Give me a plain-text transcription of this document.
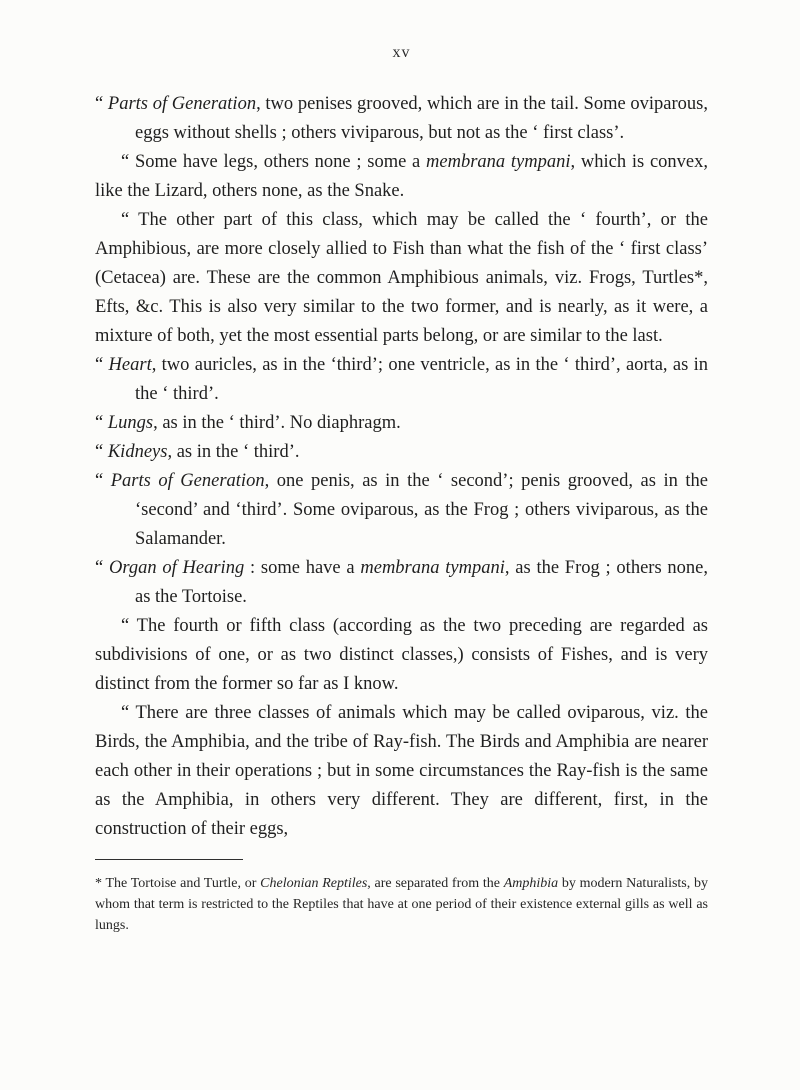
xv

“ Parts of Generation, two penises grooved, which are in the tail. Some oviparous, eggs without shells ; others viviparous, but not as the ‘ first class’.

“ Some have legs, others none ; some a membrana tympani, which is convex, like the Lizard, others none, as the Snake.

“ The other part of this class, which may be called the ‘ fourth’, or the Amphibious, are more closely allied to Fish than what the fish of the ‘ first class’ (Cetacea) are. These are the common Amphibious animals, viz. Frogs, Turtles*, Efts, &c. This is also very similar to the two former, and is nearly, as it were, a mixture of both, yet the most essential parts belong, or are similar to the last.

“ Heart, two auricles, as in the ‘third’; one ventricle, as in the ‘ third’, aorta, as in the ‘ third’.

“ Lungs, as in the ‘ third’. No diaphragm.

“ Kidneys, as in the ‘ third’.

“ Parts of Generation, one penis, as in the ‘ second’; penis grooved, as in the ‘second’ and ‘third’. Some oviparous, as the Frog ; others viviparous, as the Salamander.

“ Organ of Hearing : some have a membrana tympani, as the Frog ; others none, as the Tortoise.

“ The fourth or fifth class (according as the two preceding are regarded as subdivisions of one, or as two distinct classes,) consists of Fishes, and is very distinct from the former so far as I know.

“ There are three classes of animals which may be called oviparous, viz. the Birds, the Amphibia, and the tribe of Ray-fish. The Birds and Amphibia are nearer each other in their operations ; but in some circumstances the Ray-fish is the same as the Amphibia, in others very different. They are different, first, in the construction of their eggs,

* The Tortoise and Turtle, or Chelonian Reptiles, are separated from the Amphibia by modern Naturalists, by whom that term is restricted to the Reptiles that have at one period of their existence external gills as well as lungs.
